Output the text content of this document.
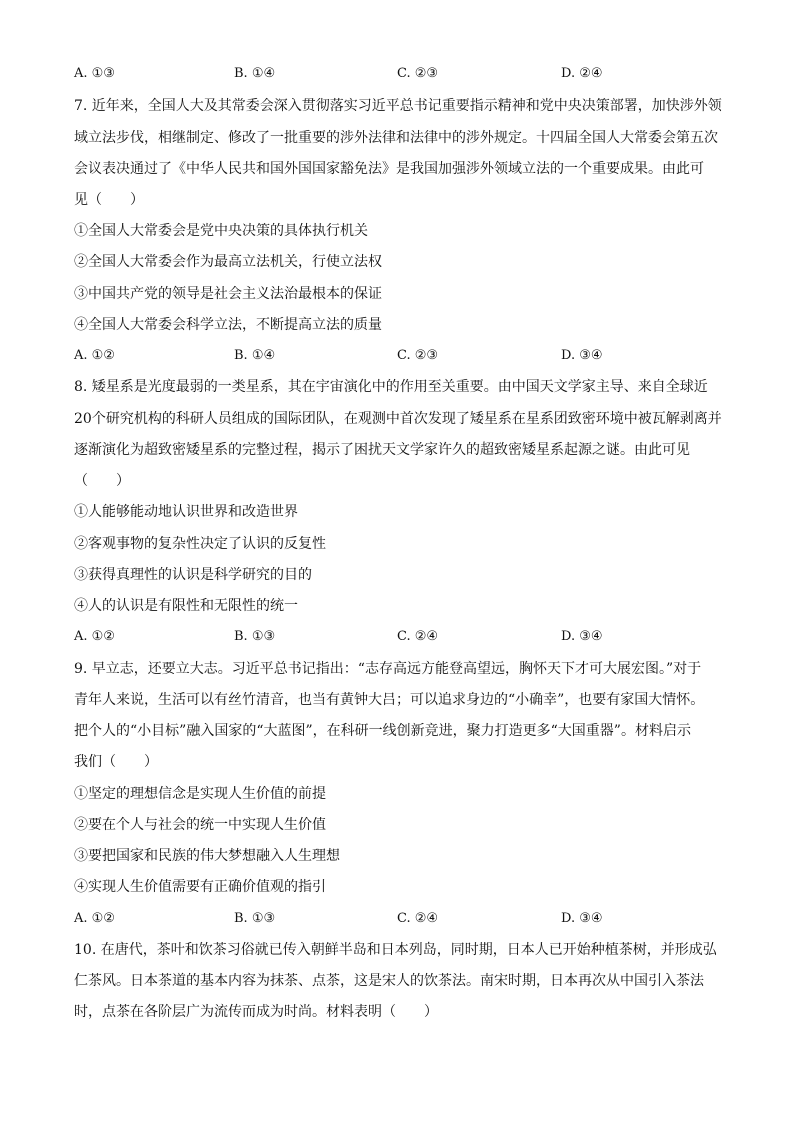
A. ①③	B. ①④	C. ②③	D. ②④
7. 近年来，全国人大及其常委会深入贯彻落实习近平总书记重要指示精神和党中央决策部署，加快涉外领
域立法步伐，相继制定、修改了一批重要的涉外法律和法律中的涉外规定。十四届全国人大常委会第五次
会议表决通过了《中华人民共和国外国国家豁免法》是我国加强涉外领域立法的一个重要成果。由此可
见（　　）
①全国人大常委会是党中央决策的具体执行机关
②全国人大常委会作为最高立法机关，行使立法权
③中国共产党的领导是社会主义法治最根本的保证
④全国人大常委会科学立法，不断提高立法的质量
A. ①②	B. ①④	C. ②③	D. ③④
8. 矮星系是光度最弱的一类星系，其在宇宙演化中的作用至关重要。由中国天文学家主导、来自全球近
20个研究机构的科研人员组成的国际团队，在观测中首次发现了矮星系在星系团致密环境中被瓦解剥离并
逐渐演化为超致密矮星系的完整过程，揭示了困扰天文学家许久的超致密矮星系起源之谜。由此可见
（　　）
①人能够能动地认识世界和改造世界
②客观事物的复杂性决定了认识的反复性
③获得真理性的认识是科学研究的目的
④人的认识是有限性和无限性的统一
A. ①②	B. ①③	C. ②④	D. ③④
9. 早立志，还要立大志。习近平总书记指出：“志存高远方能登高望远，胸怀天下才可大展宏图。”对于
青年人来说，生活可以有丝竹清音，也当有黄钟大吕；可以追求身边的“小确幸”，也要有家国大情怀。
把个人的“小目标”融入国家的“大蓝图”，在科研一线创新竞进，聚力打造更多“大国重器”。材料启示
我们（　　）
①坚定的理想信念是实现人生价值的前提
②要在个人与社会的统一中实现人生价值
③要把国家和民族的伟大梦想融入人生理想
④实现人生价值需要有正确价值观的指引
A. ①②	B. ①③	C. ②④	D. ③④
10. 在唐代，茶叶和饮茶习俗就已传入朝鲜半岛和日本列岛，同时期，日本人已开始种植茶树，并形成弘
仁茶风。日本茶道的基本内容为抹茶、点茶，这是宋人的饮茶法。南宋时期，日本再次从中国引入茶法
时，点茶在各阶层广为流传而成为时尚。材料表明（　　）
